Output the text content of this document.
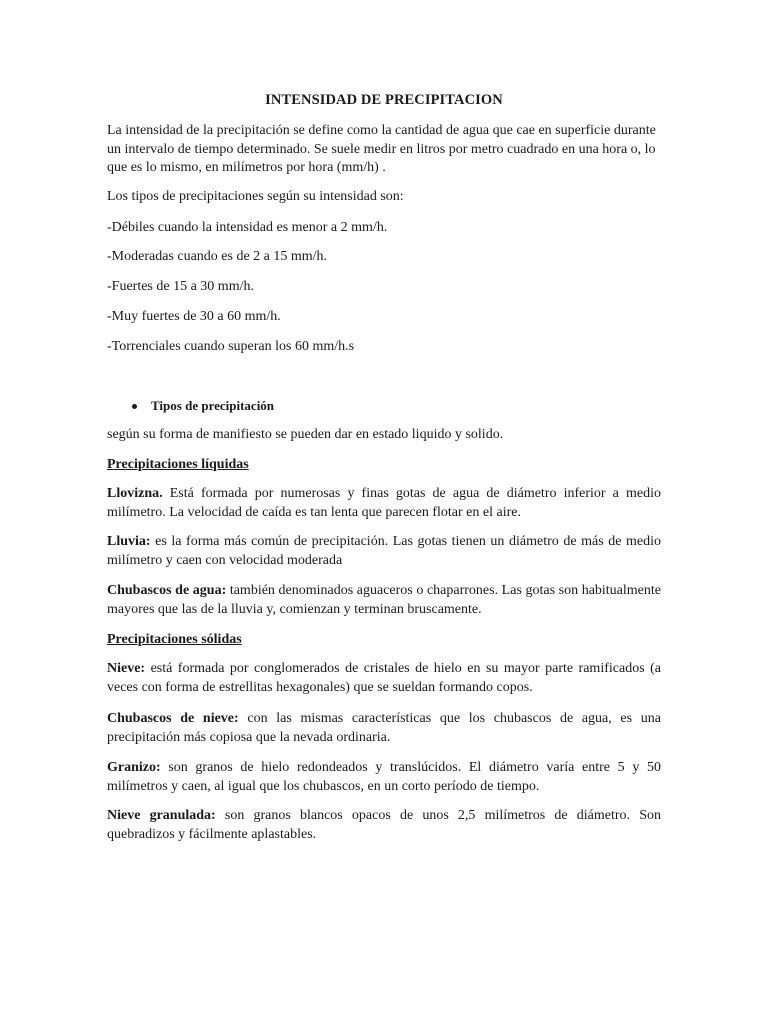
INTENSIDAD DE PRECIPITACION

La intensidad de la precipitación se define como la cantidad de agua que cae en superficie durante un intervalo de tiempo determinado. Se suele medir en litros por metro cuadrado en una hora o, lo que es lo mismo, en milímetros por hora (mm/h) .

Los tipos de precipitaciones según su intensidad son:

-Débiles cuando la intensidad es menor a 2 mm/h.

-Moderadas cuando es de 2 a 15 mm/h.

-Fuertes de 15 a 30 mm/h.

-Muy fuertes de 30 a 60 mm/h.

-Torrenciales cuando superan los 60 mm/h.s

Tipos de precipitación

según su forma de manifiesto se pueden dar en estado liquido y solido.

Precipitaciones líquidas

Llovizna. Está formada por numerosas y finas gotas de agua de diámetro inferior a medio milímetro. La velocidad de caída es tan lenta que parecen flotar en el aire.

Lluvia: es la forma más común de precipitación. Las gotas tienen un diámetro de más de medio milímetro y caen con velocidad moderada

Chubascos de agua: también denominados aguaceros o chaparrones. Las gotas son habitualmente mayores que las de la lluvia y, comienzan y terminan bruscamente.

Precipitaciones sólidas

Nieve: está formada por conglomerados de cristales de hielo en su mayor parte ramificados (a veces con forma de estrellitas hexagonales) que se sueldan formando copos.

Chubascos de nieve: con las mismas características que los chubascos de agua, es una precipitación más copiosa que la nevada ordinaria.

Granizo: son granos de hielo redondeados y translúcidos. El diámetro varía entre 5 y 50 milímetros y caen, al igual que los chubascos, en un corto período de tiempo.

Nieve granulada: son granos blancos opacos de unos 2,5 milímetros de diámetro. Son quebradizos y fácilmente aplastables.
